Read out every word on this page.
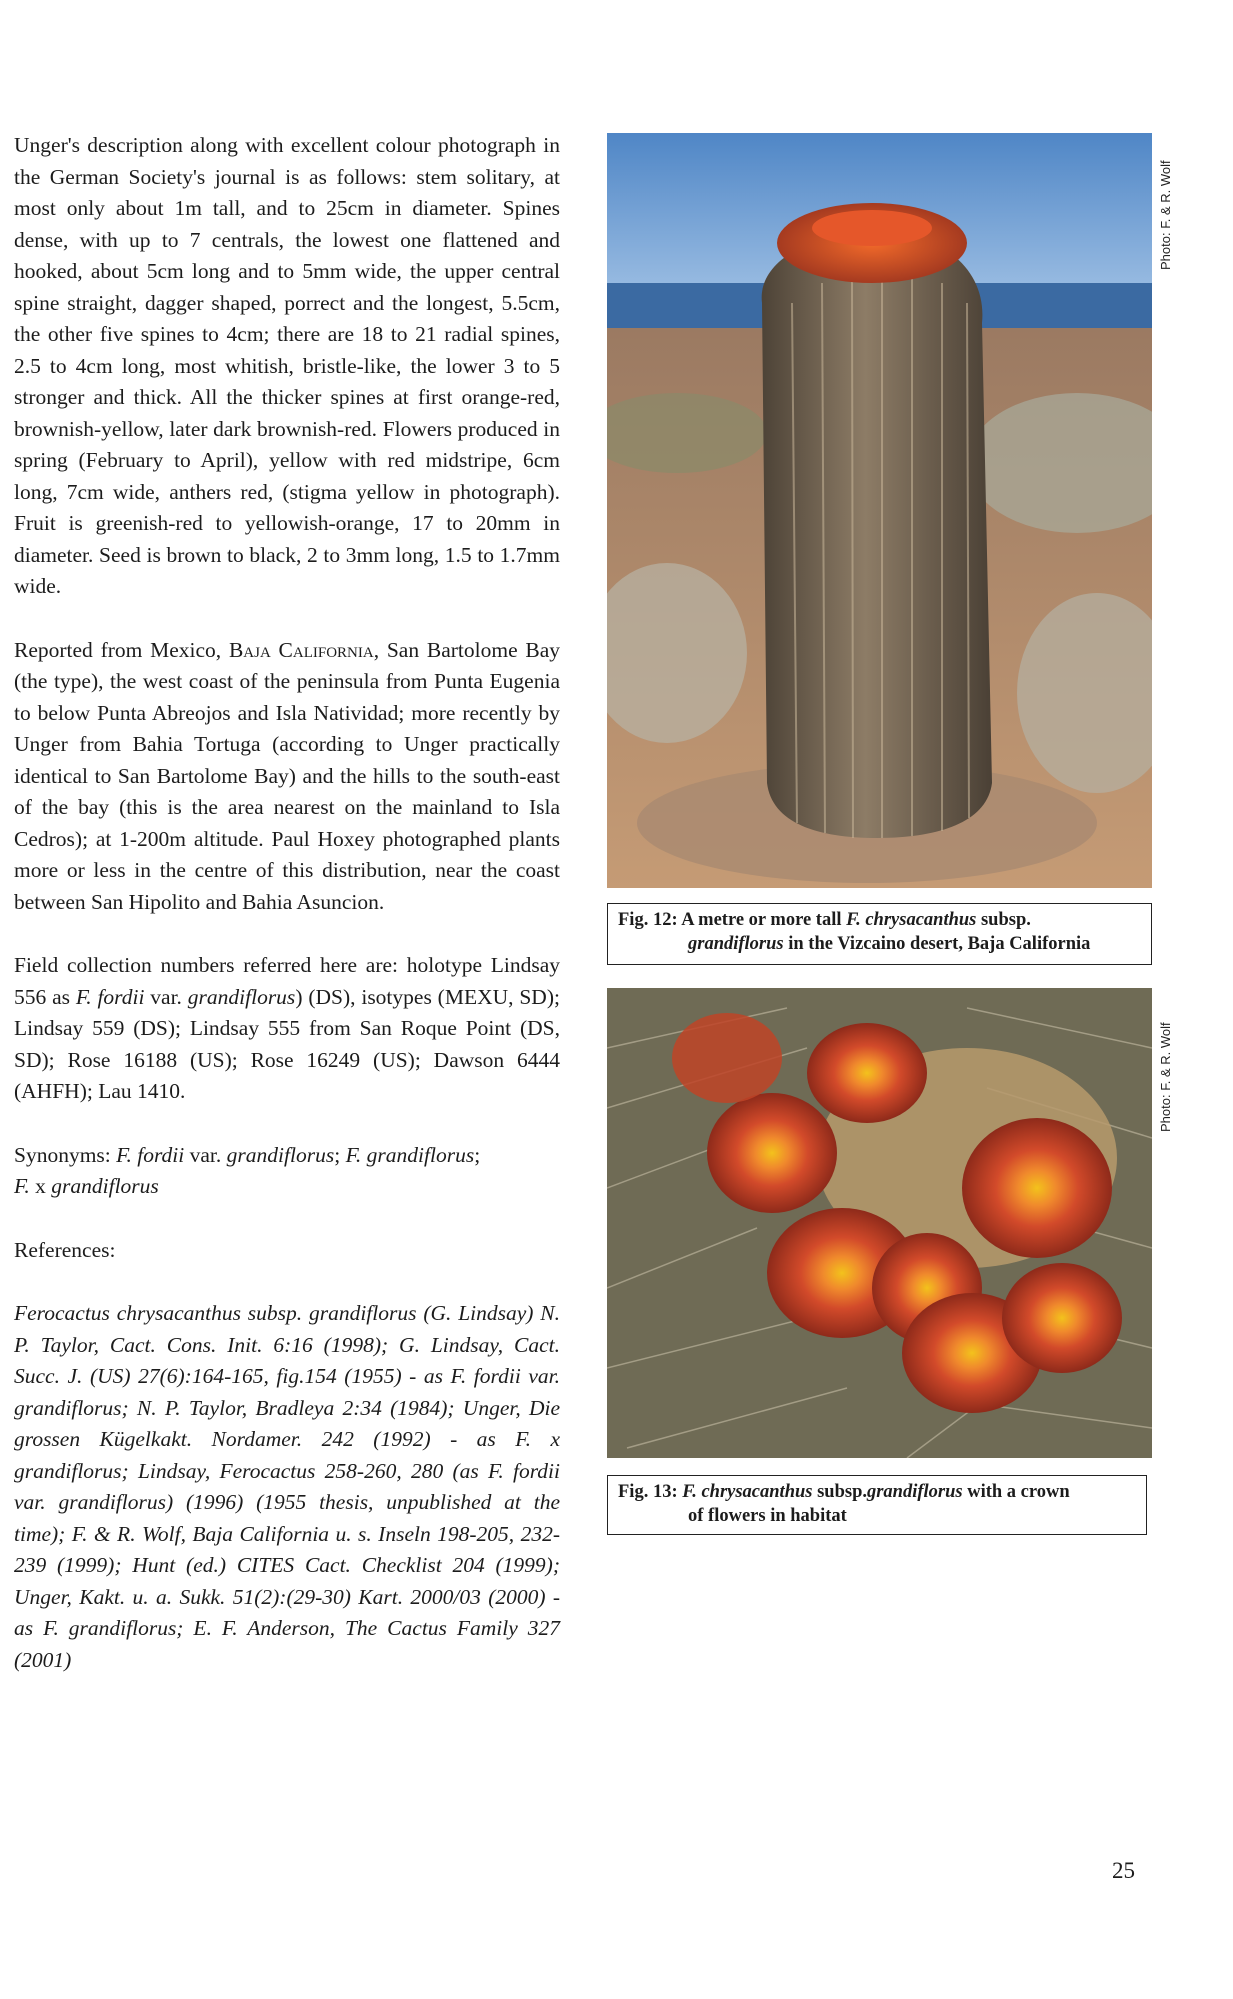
Unger's description along with excellent colour photograph in the German Society's journal is as follows: stem solitary, at most only about 1m tall, and to 25cm in diameter. Spines dense, with up to 7 centrals, the lowest one flattened and hooked, about 5cm long and to 5mm wide, the upper central spine straight, dagger shaped, porrect and the longest, 5.5cm, the other five spines to 4cm; there are 18 to 21 radial spines, 2.5 to 4cm long, most whitish, bristle-like, the lower 3 to 5 stronger and thick. All the thicker spines at first orange-red, brownish-yellow, later dark brownish-red. Flowers produced in spring (February to April), yellow with red midstripe, 6cm long, 7cm wide, anthers red, (stigma yellow in photograph). Fruit is greenish-red to yellowish-orange, 17 to 20mm in diameter. Seed is brown to black, 2 to 3mm long, 1.5 to 1.7mm wide.

Reported from Mexico, Baja California, San Bartolome Bay (the type), the west coast of the peninsula from Punta Eugenia to below Punta Abreojos and Isla Natividad; more recently by Unger from Bahia Tortuga (according to Unger practically identical to San Bartolome Bay) and the hills to the south-east of the bay (this is the area nearest on the mainland to Isla Cedros); at 1-200m altitude. Paul Hoxey photographed plants more or less in the centre of this distribution, near the coast between San Hipolito and Bahia Asuncion.

Field collection numbers referred here are: holotype Lindsay 556 as F. fordii var. grandiflorus) (DS), isotypes (MEXU, SD); Lindsay 559 (DS); Lindsay 555 from San Roque Point (DS, SD); Rose 16188 (US); Rose 16249 (US); Dawson 6444 (AHFH); Lau 1410.

Synonyms: F. fordii var. grandiflorus; F. grandiflorus;
F. x grandiflorus

References:

Ferocactus chrysacanthus subsp. grandiflorus (G. Lindsay) N. P. Taylor, Cact. Cons. Init. 6:16 (1998); G. Lindsay, Cact. Succ. J. (US) 27(6):164-165, fig.154 (1955) - as F. fordii var. grandiflorus; N. P. Taylor, Bradleya 2:34 (1984); Unger, Die grossen Kügelkakt. Nordamer. 242 (1992) - as F. x grandiflorus; Lindsay, Ferocactus 258-260, 280 (as F. fordii var. grandiflorus) (1996) (1955 thesis, unpublished at the time); F. & R. Wolf, Baja California u. s. Inseln 198-205, 232-239 (1999); Hunt (ed.) CITES Cact. Checklist 204 (1999); Unger, Kakt. u. a. Sukk. 51(2):(29-30) Kart. 2000/03 (2000) - as F. grandiflorus; E. F. Anderson, The Cactus Family 327 (2001)

Photo: F. & R. Wolf
Fig. 12: A metre or more tall F. chrysacanthus subsp.
grandiflorus in the Vizcaino desert, Baja California
Photo: F. & R. Wolf
Fig. 13: F. chrysacanthus subsp.grandiflorus with a crown
of flowers in habitat
25
